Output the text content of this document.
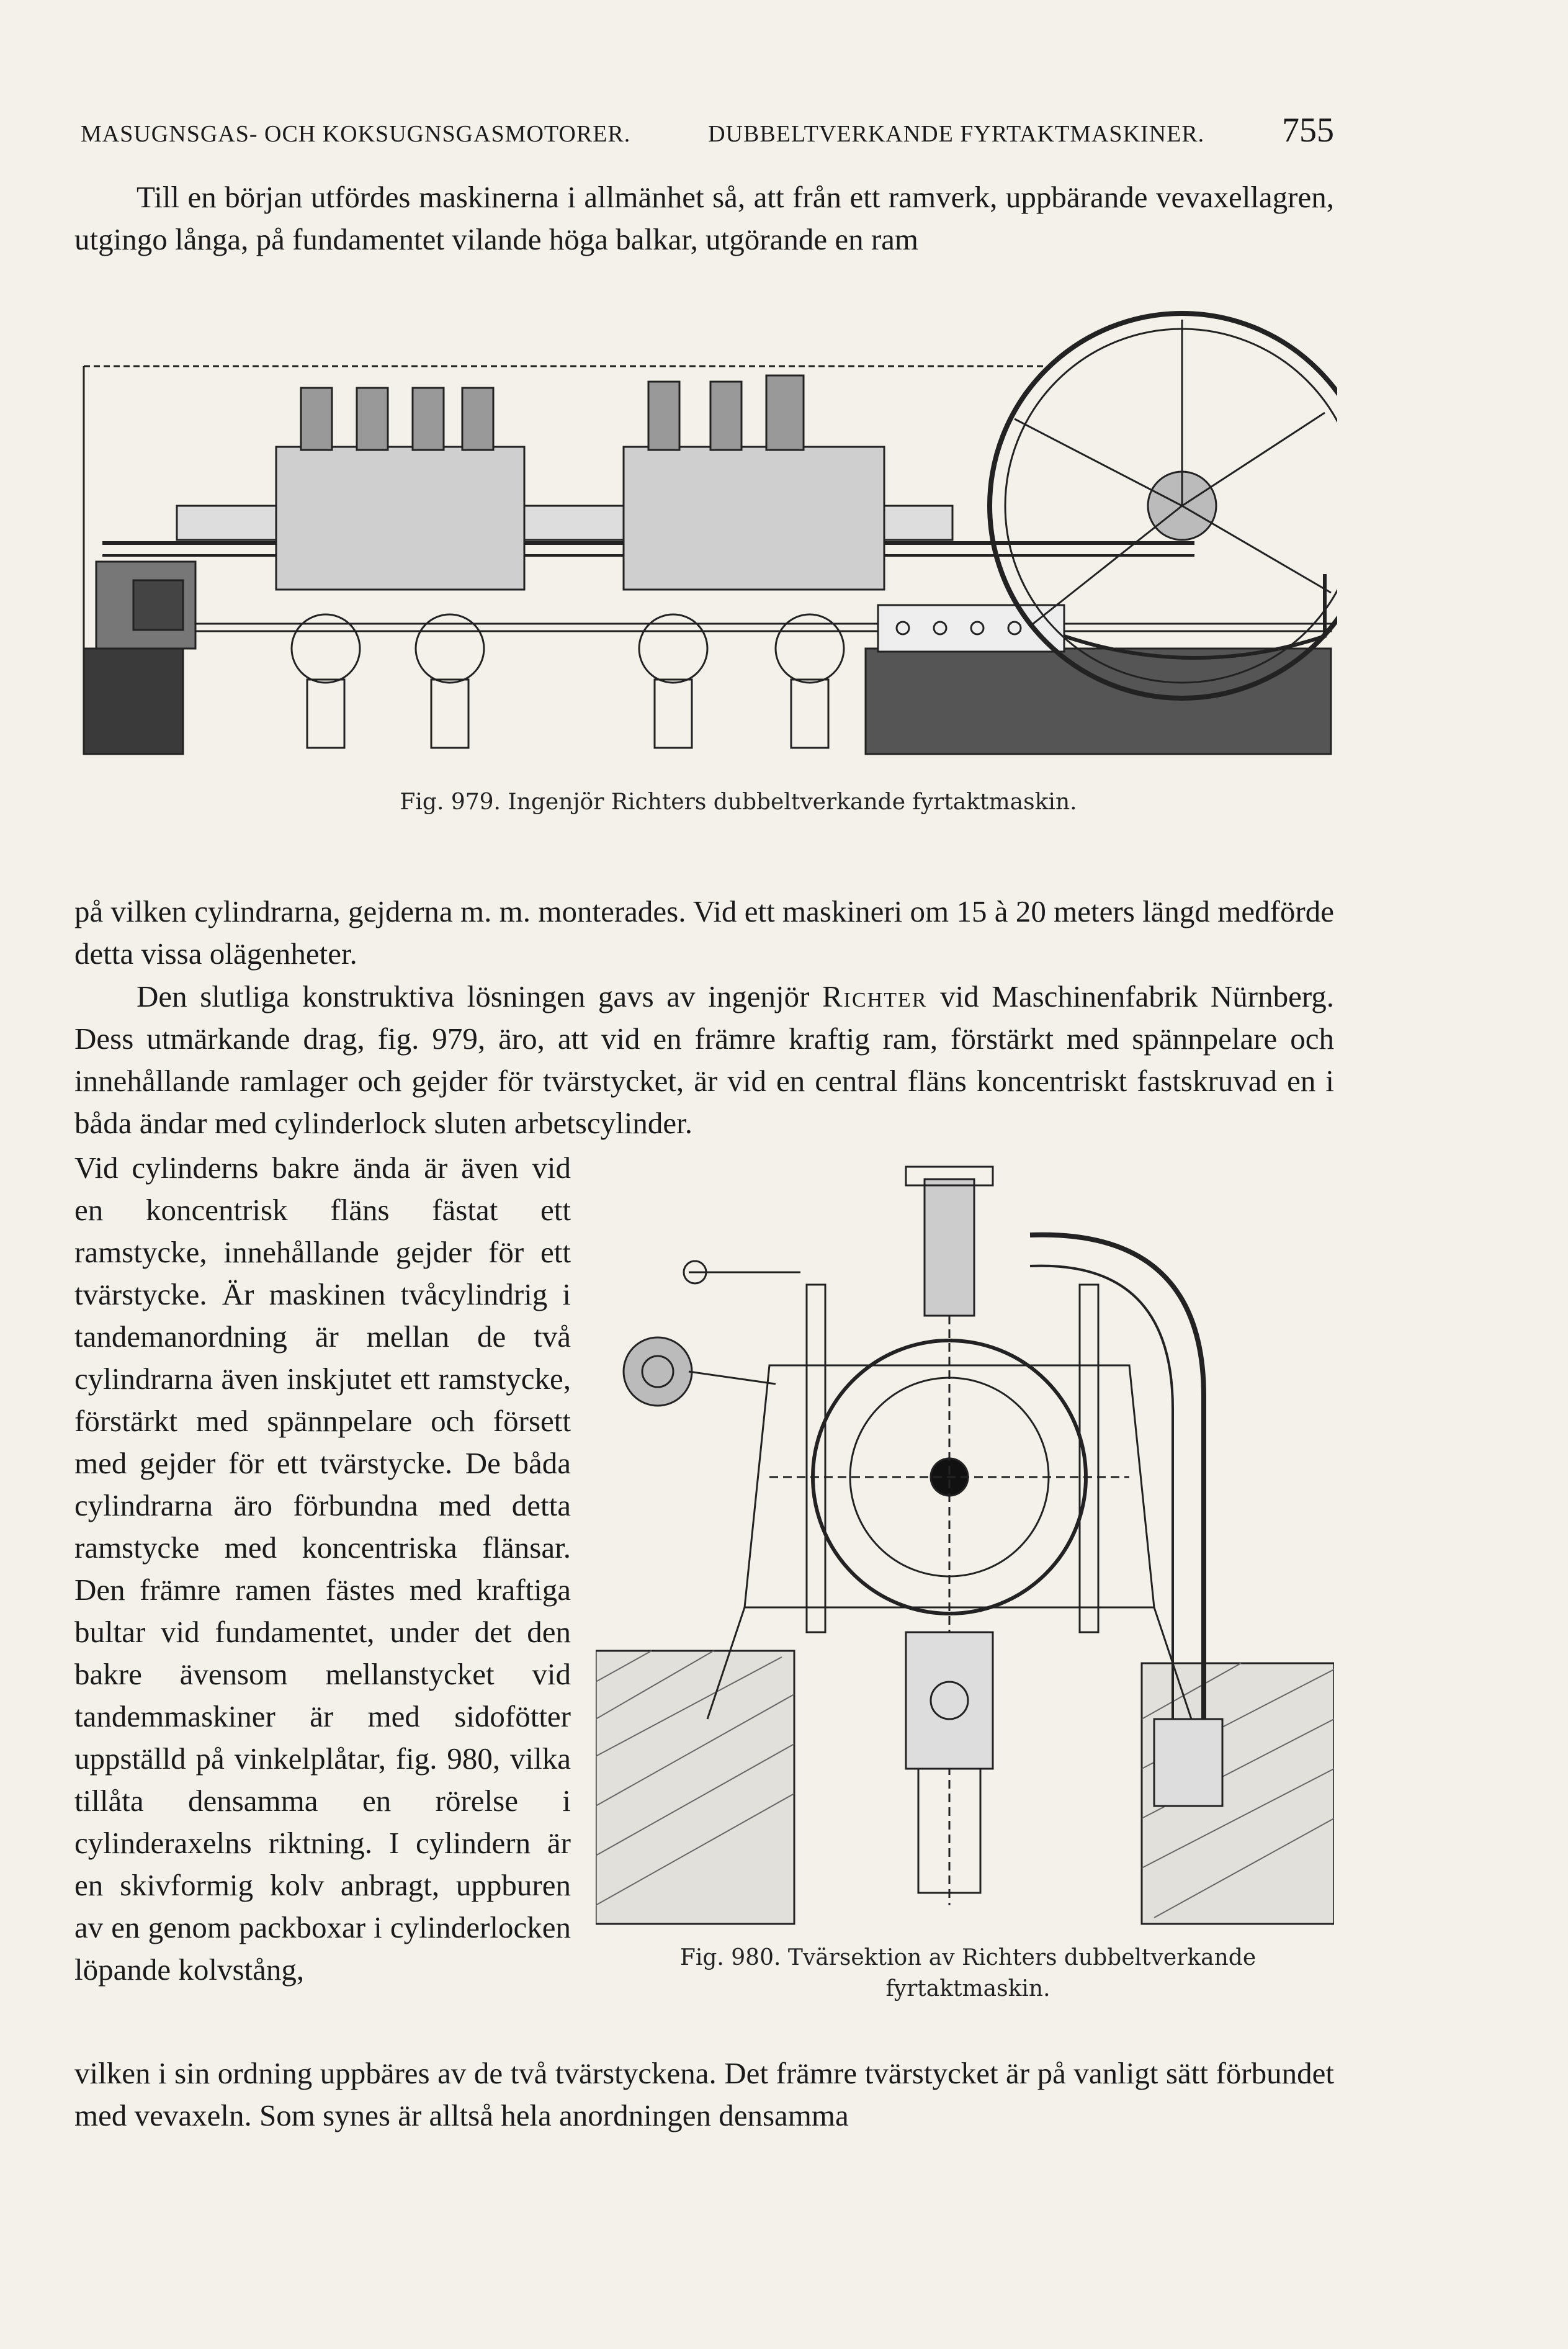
MASUGNSGAS- OCH KOKSUGNSGASMOTORER.	DUBBELTVERKANDE FYRTAKTMASKINER. 755

Till en början utfördes maskinerna i allmänhet så, att från ett ramverk, uppbärande vevaxellagren, utgingo långa, på fundamentet vilande höga balkar, utgörande en ram

Fig. 979. Ingenjör Richters dubbeltverkande fyrtaktmaskin.

på vilken cylindrarna, gejderna m. m. monterades. Vid ett maskineri om 15 à 20 meters längd medförde detta vissa olägenheter.

Den slutliga konstruktiva lösningen gavs av ingenjör Richter vid Maschinenfabrik Nürnberg. Dess utmärkande drag, fig. 979, äro, att vid en främre kraftig ram, förstärkt med spännpelare och innehållande ramlager och gejder för tvärstycket, är vid en central fläns koncentriskt fastskruvad en i båda ändar med cylinderlock sluten arbetscylinder.

Vid cylinderns bakre ända är även vid en koncentrisk fläns fästat ett ramstycke, innehållande gejder för ett tvärstycke. Är maskinen tvåcylindrig i tandemanordning är mellan de två cylindrarna även inskjutet ett ramstycke, förstärkt med spännpelare och försett med gejder för ett tvärstycke. De båda cylindrarna äro förbundna med detta ramstycke med koncentriska flänsar. Den främre ramen fästes med kraftiga bultar vid fundamentet, under det den bakre ävensom mellanstycket vid tandemmaskiner är med sidofötter uppställd på vinkelplåtar, fig. 980, vilka tillåta densamma en rörelse i cylinderaxelns riktning. I cylindern är en skivformig kolv anbragt, uppburen av en genom packboxar i cylinderlocken löpande kolvstång,	Fig. 980. Tvärsektion av Richters dubbeltverkande
fyrtaktmaskin.

vilken i sin ordning uppbäres av de två tvärstyckena. Det främre tvärstycket är på vanligt sätt förbundet med vevaxeln. Som synes är alltså hela anordningen densamma
